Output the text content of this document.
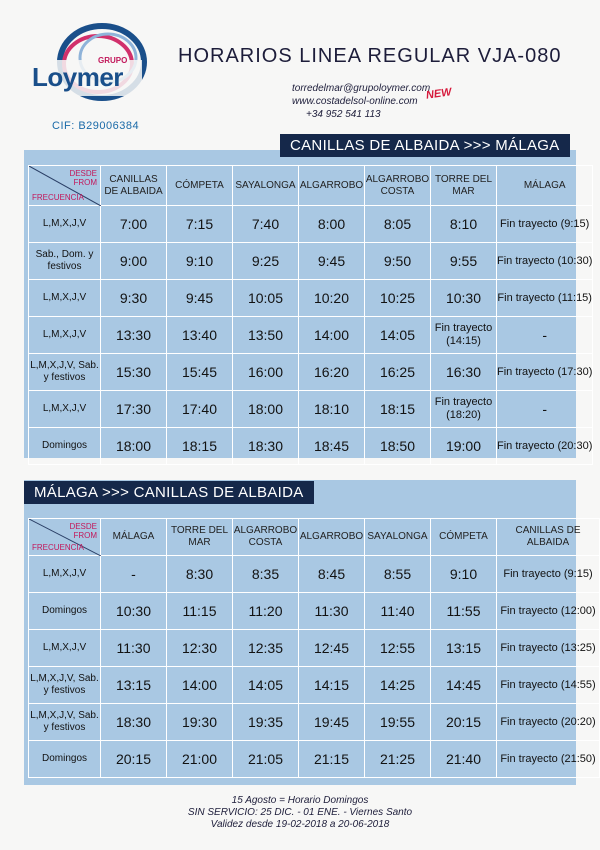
GRUPO
Loymer
CIF: B29006384
HORARIOS LINEA REGULAR VJA-080
torredelmar@grupoloymer.com
www.costadelsol-online.com
+34 952 541 113
NEW
CANILLAS DE ALBAIDA >>> MÁLAGA
DESDE
FROM
FRECUENCIA	CANILLAS DE ALBAIDA	CÓMPETA	SAYALONGA	ALGARROBO	ALGARROBO COSTA	TORRE DEL MAR	MÁLAGA
L,M,X,J,V	7:00	7:15	7:40	8:00	8:05	8:10	Fin trayecto (9:15)
Sab., Dom. y festivos	9:00	9:10	9:25	9:45	9:50	9:55	Fin trayecto (10:30)
L,M,X,J,V	9:30	9:45	10:05	10:20	10:25	10:30	Fin trayecto (11:15)
L,M,X,J,V	13:30	13:40	13:50	14:00	14:05	Fin trayecto (14:15)	-
L,M,X,J,V, Sab. y festivos	15:30	15:45	16:00	16:20	16:25	16:30	Fin trayecto (17:30)
L,M,X,J,V	17:30	17:40	18:00	18:10	18:15	Fin trayecto (18:20)	-
Domingos	18:00	18:15	18:30	18:45	18:50	19:00	Fin trayecto (20:30)
MÁLAGA >>> CANILLAS DE ALBAIDA
DESDE
FROM
FRECUENCIA	MÁLAGA	TORRE DEL MAR	ALGARROBO COSTA	ALGARROBO	SAYALONGA	CÓMPETA	CANILLAS DE ALBAIDA
L,M,X,J,V	-	8:30	8:35	8:45	8:55	9:10	Fin trayecto (9:15)
Domingos	10:30	11:15	11:20	11:30	11:40	11:55	Fin trayecto (12:00)
L,M,X,J,V	11:30	12:30	12:35	12:45	12:55	13:15	Fin trayecto (13:25)
L,M,X,J,V, Sab. y festivos	13:15	14:00	14:05	14:15	14:25	14:45	Fin trayecto (14:55)
L,M,X,J,V, Sab. y festivos	18:30	19:30	19:35	19:45	19:55	20:15	Fin trayecto (20:20)
Domingos	20:15	21:00	21:05	21:15	21:25	21:40	Fin trayecto (21:50)
15 Agosto = Horario Domingos
SIN SERVICIO: 25 DIC. - 01 ENE. - Viernes Santo
Validez desde 19-02-2018 a 20-06-2018
